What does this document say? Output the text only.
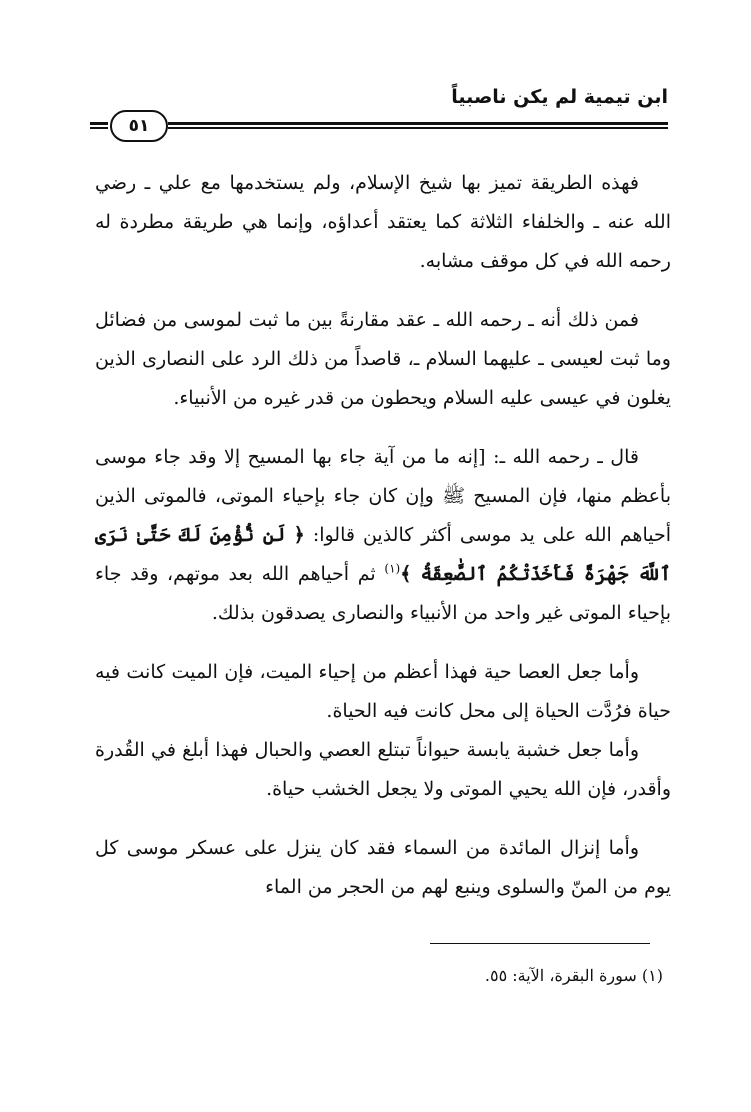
ابن تيمية لم يكن ناصبياً
٥١

فهذه الطريقة تميز بها شيخ الإسلام، ولم يستخدمها مع علي ـ رضي الله عنه ـ والخلفاء الثلاثة كما يعتقد أعداؤه، وإنما هي طريقة مطردة له رحمه الله في كل موقف مشابه.

فمن ذلك أنه ـ رحمه الله ـ عقد مقارنةً بين ما ثبت لموسى من فضائل وما ثبت لعيسى ـ عليهما السلام ـ، قاصداً من ذلك الرد على النصارى الذين يغلون في عيسى عليه السلام ويحطون من قدر غيره من الأنبياء.

قال ـ رحمه الله ـ: [إنه ما من آية جاء بها المسيح إلا وقد جاء موسى بأعظم منها، فإن المسيح ﷺ وإن كان جاء بإحياء الموتى، فالموتى الذين أحياهم الله على يد موسى أكثر كالذين قالوا: ﴿ لَن نُّؤْمِنَ لَكَ حَتَّىٰ نَرَى ٱللَّهَ جَهْرَةً فَأَخَذَتْكُمُ ٱلصَّٰعِقَةُ ﴾$^{(١)}$ ثم أحياهم الله بعد موتهم، وقد جاء بإحياء الموتى غير واحد من الأنبياء والنصارى يصدقون بذلك.

وأما جعل العصا حية فهذا أعظم من إحياء الميت، فإن الميت كانت فيه حياة فرُدَّت الحياة إلى محل كانت فيه الحياة.

وأما جعل خشبة يابسة حيواناً تبتلع العصي والحبال فهذا أبلغ في القُدرة وأقدر، فإن الله يحيي الموتى ولا يجعل الخشب حياة.

وأما إنزال المائدة من السماء فقد كان ينزل على عسكر موسى كل يوم من المنّ والسلوى وينبع لهم من الحجر من الماء

(١) سورة البقرة، الآية: ٥٥.
